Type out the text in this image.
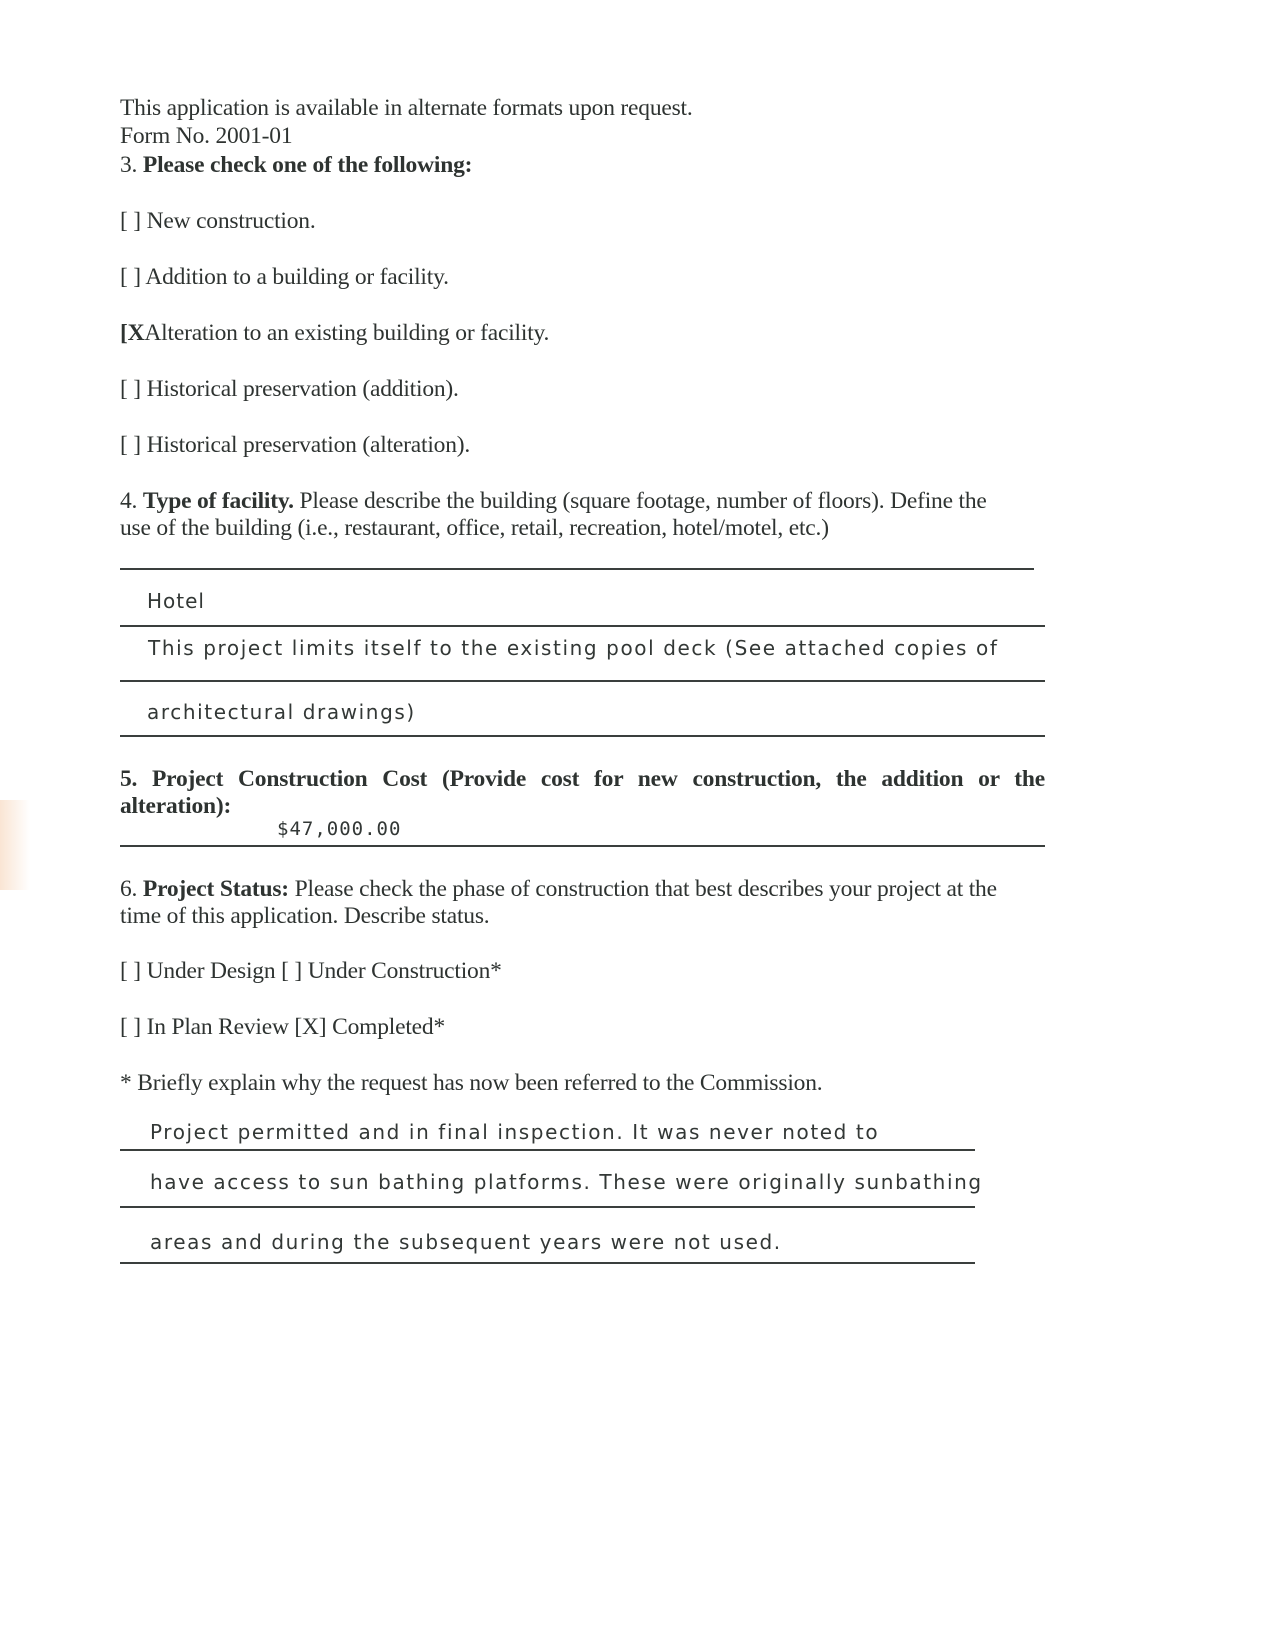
This application is available in alternate formats upon request.
Form No. 2001-01
3. Please check one of the following:
[ ] New construction.
[ ] Addition to a building or facility.
[XAlteration to an existing building or facility.
[ ] Historical preservation (addition).
[ ] Historical preservation (alteration).
4. Type of facility. Please describe the building (square footage, number of floors). Define the
use of the building (i.e., restaurant, office, retail, recreation, hotel/motel, etc.)
Hotel
This project limits itself to the existing pool deck (See attached copies of
architectural drawings)
5. Project Construction Cost (Provide cost for new construction, the addition or the
alteration):
$47,000.00
6. Project Status: Please check the phase of construction that best describes your project at the
time of this application. Describe status.
[ ] Under Design [ ] Under Construction*
[ ] In Plan Review [X] Completed*
* Briefly explain why the request has now been referred to the Commission.
Project permitted and in final inspection. It was never noted to
have access to sun bathing platforms. These were originally sunbathing
areas and during the subsequent years were not used.
